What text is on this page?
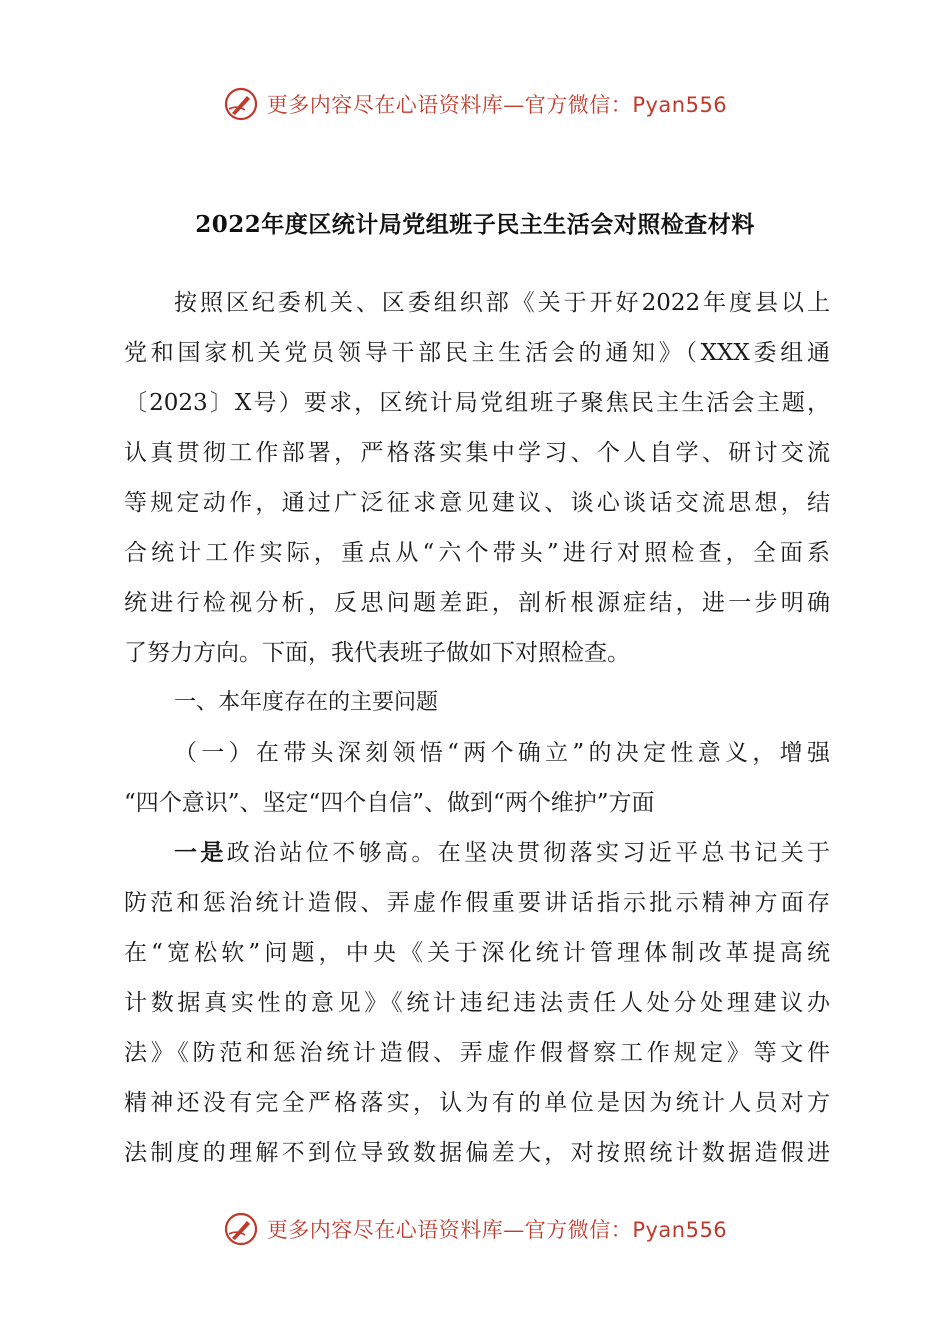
更多内容尽在心语资料库—官方微信：Pyan556
2022年度区统计局党组班子民主生活会对照检查材料
按照区纪委机关、区委组织部《关于开好2022年度县以上
党和国家机关党员领导干部民主生活会的通知》（XXX委组通
〔2023〕X号）要求，区统计局党组班子聚焦民主生活会主题，
认真贯彻工作部署，严格落实集中学习、个人自学、研讨交流
等规定动作，通过广泛征求意见建议、谈心谈话交流思想，结
合统计工作实际，重点从“六个带头”进行对照检查，全面系
统进行检视分析，反思问题差距，剖析根源症结，进一步明确
了努力方向。下面，我代表班子做如下对照检查。
一、本年度存在的主要问题
（一）在带头深刻领悟“两个确立”的决定性意义，增强
“四个意识”、坚定“四个自信”、做到“两个维护”方面
一是政治站位不够高。在坚决贯彻落实习近平总书记关于
防范和惩治统计造假、弄虚作假重要讲话指示批示精神方面存
在“宽松软”问题，中央《关于深化统计管理体制改革提高统
计数据真实性的意见》《统计违纪违法责任人处分处理建议办
法》《防范和惩治统计造假、弄虚作假督察工作规定》等文件
精神还没有完全严格落实，认为有的单位是因为统计人员对方
法制度的理解不到位导致数据偏差大，对按照统计数据造假进
更多内容尽在心语资料库—官方微信：Pyan556
